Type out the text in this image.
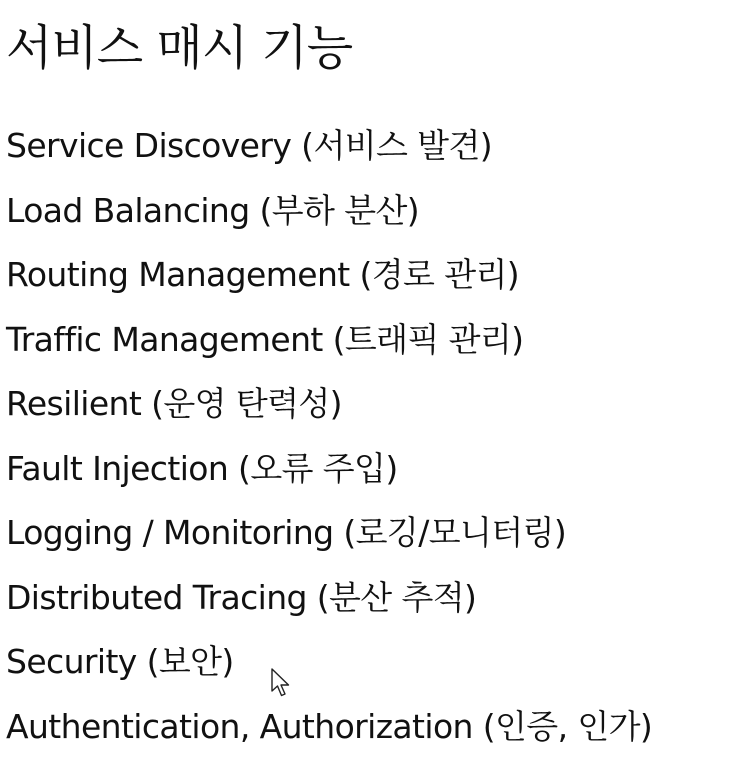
서비스 매시 기능
Service Discovery (서비스 발견)
Load Balancing (부하 분산)
Routing Management (경로 관리)
Traffic Management (트래픽 관리)
Resilient (운영 탄력성)
Fault Injection (오류 주입)
Logging / Monitoring (로깅/모니터링)
Distributed Tracing (분산 추적)
Security (보안)
Authentication, Authorization (인증, 인가)
